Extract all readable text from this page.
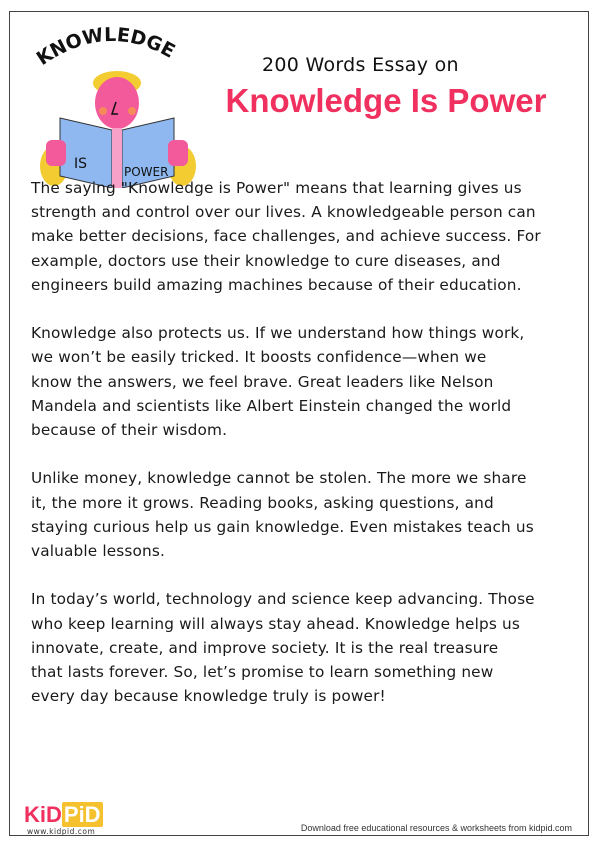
KNOWLEDGE
IS	POWER
200 Words Essay on
Knowledge Is Power

The saying "Knowledge is Power" means that learning gives us
strength and control over our lives. A knowledgeable person can
make better decisions, face challenges, and achieve success. For
example, doctors use their knowledge to cure diseases, and
engineers build amazing machines because of their education.

Knowledge also protects us. If we understand how things work,
we won’t be easily tricked. It boosts confidence—when we
know the answers, we feel brave. Great leaders like Nelson
Mandela and scientists like Albert Einstein changed the world
because of their wisdom.

Unlike money, knowledge cannot be stolen. The more we share
it, the more it grows. Reading books, asking questions, and
staying curious help us gain knowledge. Even mistakes teach us
valuable lessons.

In today’s world, technology and science keep advancing. Those
who keep learning will always stay ahead. Knowledge helps us
innovate, create, and improve society. It is the real treasure
that lasts forever. So, let’s promise to learn something new
every day because knowledge truly is power!

KiDPiD
www.kidpid.com	Download free educational resources & worksheets from kidpid.com
